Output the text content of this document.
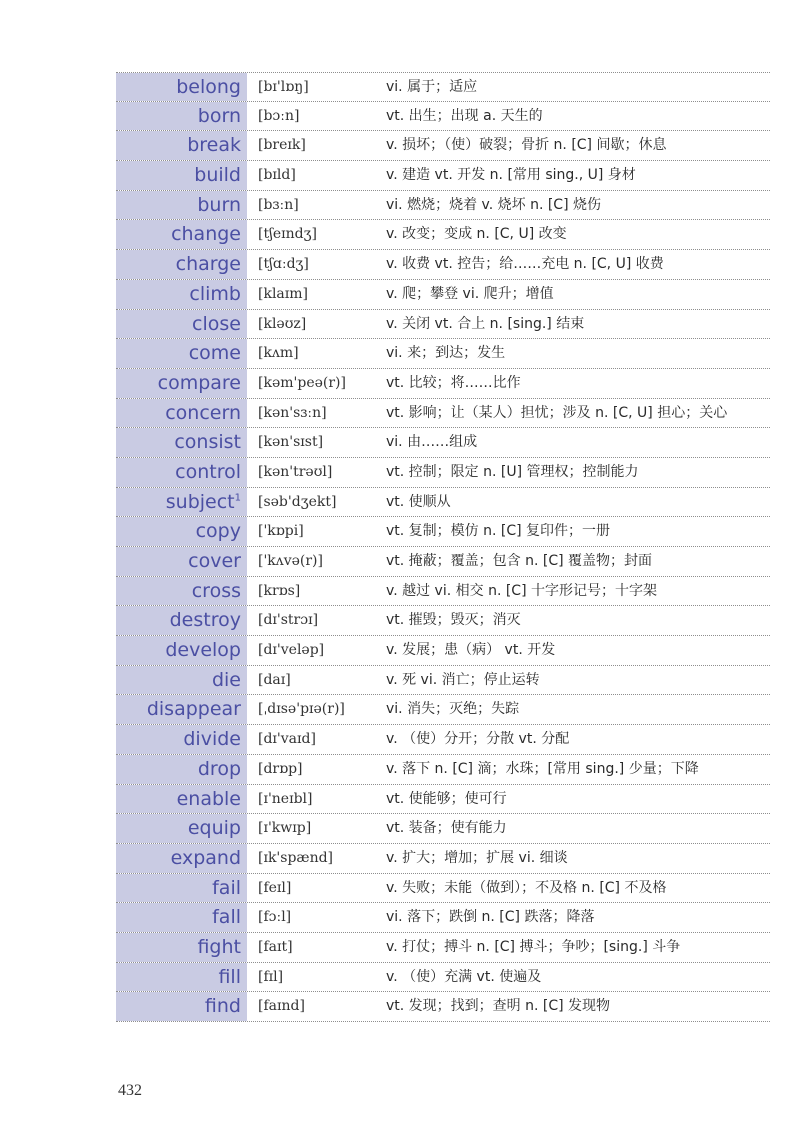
belong	[bɪ'lɒŋ]	vi. 属于；适应
born	[bɔːn]	vt. 出生；出现 a. 天生的
break	[breɪk]	v. 损坏；（使）破裂；骨折 n. [C] 间歇；休息
build	[bɪld]	v. 建造 vt. 开发 n. [常用 sing., U] 身材
burn	[bɜːn]	vi. 燃烧；烧着 v. 烧坏 n. [C] 烧伤
change	[tʃeɪndʒ]	v. 改变；变成 n. [C, U] 改变
charge	[tʃɑːdʒ]	v. 收费 vt. 控告；给……充电 n. [C, U] 收费
climb	[klaɪm]	v. 爬；攀登 vi. 爬升；增值
close	[kləʊz]	v. 关闭 vt. 合上 n. [sing.] 结束
come	[kʌm]	vi. 来；到达；发生
compare	[kəm'peə(r)]	vt. 比较；将……比作
concern	[kən'sɜːn]	vt. 影响；让（某人）担忧；涉及 n. [C, U] 担心；关心
consist	[kən'sɪst]	vi. 由……组成
control	[kən'trəʊl]	vt. 控制；限定 n. [U] 管理权；控制能力
subject$^1$	[səb'dʒekt]	vt. 使顺从
copy	['kɒpi]	vt. 复制；模仿 n. [C] 复印件；一册
cover	['kʌvə(r)]	vt. 掩蔽；覆盖；包含 n. [C] 覆盖物；封面
cross	[krɒs]	v. 越过 vi. 相交 n. [C] 十字形记号；十字架
destroy	[dɪ'strɔɪ]	vt. 摧毁；毁灭；消灭
develop	[dɪ'veləp]	v. 发展；患（病） vt. 开发
die	[daɪ]	v. 死 vi. 消亡；停止运转
disappear	[ˌdɪsə'pɪə(r)]	vi. 消失；灭绝；失踪
divide	[dɪ'vaɪd]	v. （使）分开；分散 vt. 分配
drop	[drɒp]	v. 落下 n. [C] 滴；水珠；[常用 sing.] 少量；下降
enable	[ɪ'neɪbl]	vt. 使能够；使可行
equip	[ɪ'kwɪp]	vt. 装备；使有能力
expand	[ɪk'spænd]	v. 扩大；增加；扩展 vi. 细谈
fail	[feɪl]	v. 失败；未能（做到）；不及格 n. [C] 不及格
fall	[fɔːl]	vi. 落下；跌倒 n. [C] 跌落；降落
fight	[faɪt]	v. 打仗；搏斗 n. [C] 搏斗；争吵；[sing.] 斗争
fill	[fɪl]	v. （使）充满 vt. 使遍及
find	[faɪnd]	vt. 发现；找到；查明 n. [C] 发现物
432
